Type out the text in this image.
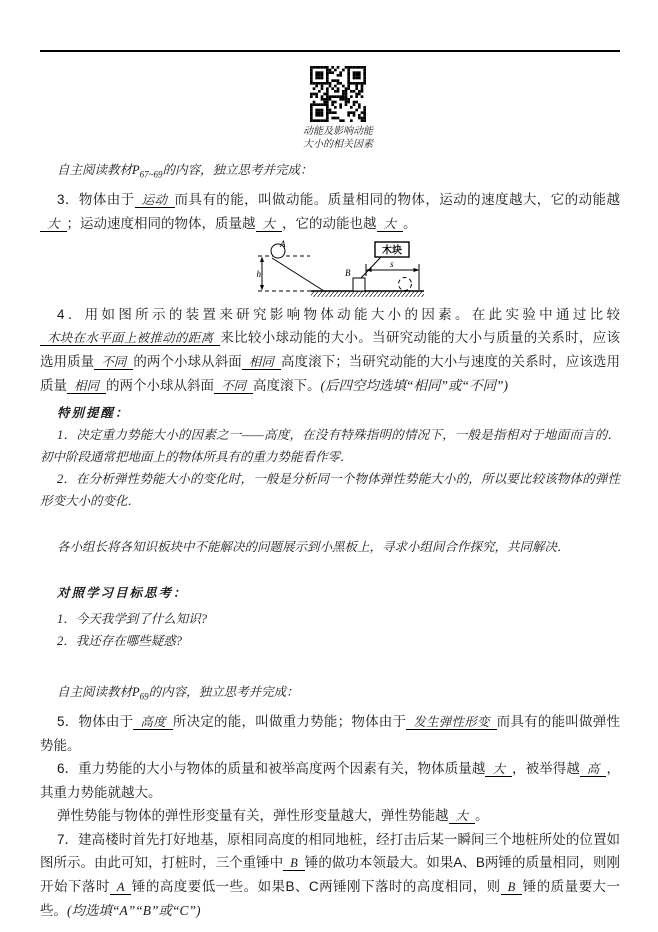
动能及影响动能
大小的相关因素

自主阅读教材$P_{67\sim 69}$的内容，独立思考并完成：

3．物体由于 运动 而具有的能，叫做动能。质量相同的物体，运动的速度越大，它的动能越大 ；运动速度相同的物体，质量越 大 ，它的动能也越 大 。

A
h	B
木块
s

4．用如图所示的装置来研究影响物体动能大小的因素。在此实验中通过比较木块在水平面上被推动的距离 来比较小球动能的大小。当研究动能的大小与质量的关系时，应该选用质量 不同 的两个小球从斜面 相同 高度滚下；当研究动能的大小与速度的关系时，应该选用质量 相同 的两个小球从斜面 不同 高度滚下。(后四空均选填“相同”或“不同”)

特别提醒：

1．决定重力势能大小的因素之一——高度，在没有特殊指明的情况下，一般是指相对于地面而言的．初中阶段通常把地面上的物体所具有的重力势能看作零．

2．在分析弹性势能大小的变化时，一般是分析同一个物体弹性势能大小的，所以要比较该物体的弹性形变大小的变化．

各小组长将各知识板块中不能解决的问题展示到小黑板上，寻求小组间合作探究，共同解决．

对照学习目标思考：

1．今天我学到了什么知识?

2．我还存在哪些疑惑?

自主阅读教材$P_{69}$的内容，独立思考并完成：

5．物体由于 高度 所决定的能，叫做重力势能；物体由于 发生弹性形变 而具有的能叫做弹性势能。

6．重力势能的大小与物体的质量和被举高度两个因素有关，物体质量越 大 ，被举得越 高 ，其重力势能就越大。

弹性势能与物体的弹性形变量有关，弹性形变量越大，弹性势能越 大 。

7．建高楼时首先打好地基，原相同高度的相同地桩，经打击后某一瞬间三个地桩所处的位置如图所示。由此可知，打桩时，三个重锤中 B 锤的做功本领最大。如果A、B两锤的质量相同，则刚开始下落时 A 锤的高度要低一些。如果B、C两锤刚下落时的高度相同，则 B 锤的质量要大一些。(均选填“A”“B”或“C”)
